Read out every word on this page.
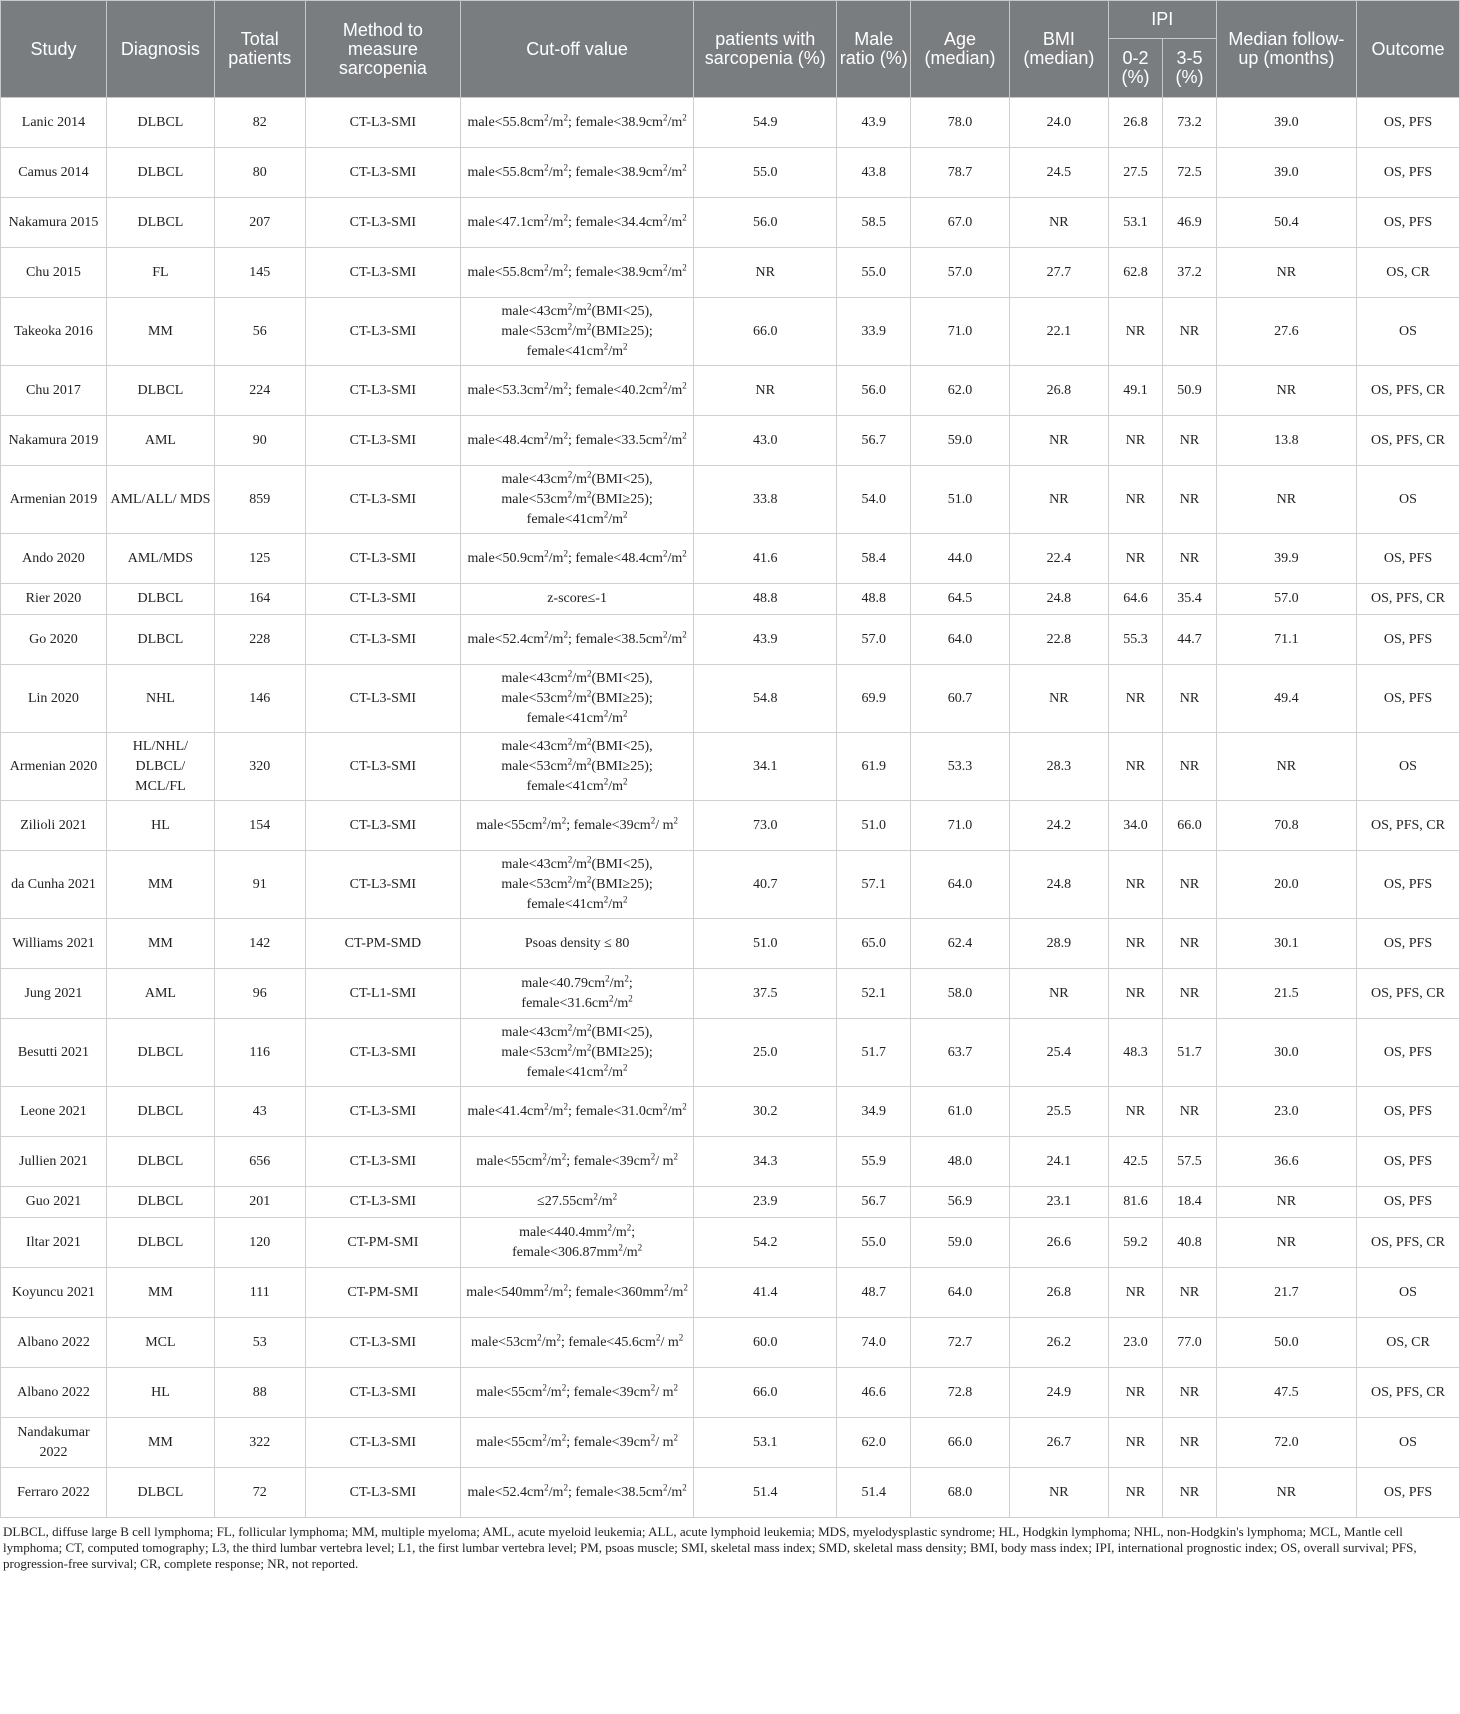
Study	Diagnosis	Total patients	Method to measure sarcopenia	Cut-off value	patients with sarcopenia (%)	Male ratio (%)	Age (median)	BMI (median)	IPI		Median follow-up (months)	Outcome
									0-2 (%)	3-5 (%)		
Lanic 2014	DLBCL	82	CT-L3-SMI	$male<55.8cm^2/m^2$; $female<38.9cm^2/m^2$	54.9	43.9	78.0	24.0	26.8	73.2	39.0	OS, PFS
Camus 2014	DLBCL	80	CT-L3-SMI	$male<55.8cm^2/m^2$; $female<38.9cm^2/m^2$	55.0	43.8	78.7	24.5	27.5	72.5	39.0	OS, PFS
Nakamura 2015	DLBCL	207	CT-L3-SMI	$male<47.1cm^2/m^2$; $female<34.4cm^2/m^2$	56.0	58.5	67.0	NR	53.1	46.9	50.4	OS, PFS
Chu 2015	FL	145	CT-L3-SMI	$male<55.8cm^2/m^2$; $female<38.9cm^2/m^2$	NR	55.0	57.0	27.7	62.8	37.2	NR	OS, CR
Takeoka 2016	MM	56	CT-L3-SMI	$male<43cm^2/m^2(BMI<25)$, $male<53cm^2/m^2(BMI\ge 25)$; $female<41cm^2/m^2$	66.0	33.9	71.0	22.1	NR	NR	27.6	OS
Chu 2017	DLBCL	224	CT-L3-SMI	$male<53.3cm^2/m^2$; $female<40.2cm^2/m^2$	NR	56.0	62.0	26.8	49.1	50.9	NR	OS, PFS, CR
Nakamura 2019	AML	90	CT-L3-SMI	$male<48.4cm^2/m^2$; $female<33.5cm^2/m^2$	43.0	56.7	59.0	NR	NR	NR	13.8	OS, PFS, CR
Armenian 2019	AML/ALL/ MDS	859	CT-L3-SMI	$male<43cm^2/m^2(BMI<25)$, $male<53cm^2/m^2(BMI\ge 25)$; $female<41cm^2/m^2$	33.8	54.0	51.0	NR	NR	NR	NR	OS
Ando 2020	AML/MDS	125	CT-L3-SMI	$male<50.9cm^2/m^2$; $female<48.4cm^2/m^2$	41.6	58.4	44.0	22.4	NR	NR	39.9	OS, PFS
Rier 2020	DLBCL	164	CT-L3-SMI	z-score≤-1	48.8	48.8	64.5	24.8	64.6	35.4	57.0	OS, PFS, CR
Go 2020	DLBCL	228	CT-L3-SMI	$male<52.4cm^2/m^2$; $female<38.5cm^2/m^2$	43.9	57.0	64.0	22.8	55.3	44.7	71.1	OS, PFS
Lin 2020	NHL	146	CT-L3-SMI	$male<43cm^2/m^2(BMI<25)$, $male<53cm^2/m^2(BMI\ge 25)$; $female<41cm^2/m^2$	54.8	69.9	60.7	NR	NR	NR	49.4	OS, PFS
Armenian 2020	HL/NHL/ DLBCL/ MCL/FL	320	CT-L3-SMI	$male<43cm^2/m^2(BMI<25)$, $male<53cm^2/m^2(BMI\ge 25)$; $female<41cm^2/m^2$	34.1	61.9	53.3	28.3	NR	NR	NR	OS
Zilioli 2021	HL	154	CT-L3-SMI	$male<55cm^2/m^2$; $female<39cm^2/$ $m^2$	73.0	51.0	71.0	24.2	34.0	66.0	70.8	OS, PFS, CR
da Cunha 2021	MM	91	CT-L3-SMI	$male<43cm^2/m^2(BMI<25)$, $male<53cm^2/m^2(BMI\ge 25)$; $female<41cm^2/m^2$	40.7	57.1	64.0	24.8	NR	NR	20.0	OS, PFS
Williams 2021	MM	142	CT-PM-SMD	Psoas density ≤ 80	51.0	65.0	62.4	28.9	NR	NR	30.1	OS, PFS
Jung 2021	AML	96	CT-L1-SMI	$male<40.79cm^2/m^2$; $female<31.6cm^2/m^2$	37.5	52.1	58.0	NR	NR	NR	21.5	OS, PFS, CR
Besutti 2021	DLBCL	116	CT-L3-SMI	$male<43cm^2/m^2(BMI<25)$, $male<53cm^2/m^2(BMI\ge 25)$; $female<41cm^2/m^2$	25.0	51.7	63.7	25.4	48.3	51.7	30.0	OS, PFS
Leone 2021	DLBCL	43	CT-L3-SMI	$male<41.4cm^2/m^2$; $female<31.0cm^2/m^2$	30.2	34.9	61.0	25.5	NR	NR	23.0	OS, PFS
Jullien 2021	DLBCL	656	CT-L3-SMI	$male<55cm^2/m^2$; $female<39cm^2/$ $m^2$	34.3	55.9	48.0	24.1	42.5	57.5	36.6	OS, PFS
Guo 2021	DLBCL	201	CT-L3-SMI	$\le 27.55cm^2/m^2$	23.9	56.7	56.9	23.1	81.6	18.4	NR	OS, PFS
Iltar 2021	DLBCL	120	CT-PM-SMI	$male<440.4mm^2/m^2$; $female<306.87mm^2/m^2$	54.2	55.0	59.0	26.6	59.2	40.8	NR	OS, PFS, CR
Koyuncu 2021	MM	111	CT-PM-SMI	$male<540mm^2/m^2$; $female<360mm^2/m^2$	41.4	48.7	64.0	26.8	NR	NR	21.7	OS
Albano 2022	MCL	53	CT-L3-SMI	$male<53cm^2/m^2$; $female<45.6cm^2/$ $m^2$	60.0	74.0	72.7	26.2	23.0	77.0	50.0	OS, CR
Albano 2022	HL	88	CT-L3-SMI	$male<55cm^2/m^2$; $female<39cm^2/$ $m^2$	66.0	46.6	72.8	24.9	NR	NR	47.5	OS, PFS, CR
Nandakumar 2022	MM	322	CT-L3-SMI	$male<55cm^2/m^2$; $female<39cm^2/$ $m^2$	53.1	62.0	66.0	26.7	NR	NR	72.0	OS
Ferraro 2022	DLBCL	72	CT-L3-SMI	$male<52.4cm^2/m^2$; $female<38.5cm^2/m^2$	51.4	51.4	68.0	NR	NR	NR	NR	OS, PFS
DLBCL, diffuse large B cell lymphoma; FL, follicular lymphoma; MM, multiple myeloma; AML, acute myeloid leukemia; ALL, acute lymphoid leukemia; MDS, myelodysplastic syndrome; HL, Hodgkin lymphoma; NHL, non-Hodgkin's lymphoma; MCL, Mantle cell lymphoma; CT, computed tomography; L3, the third lumbar vertebra level; L1, the first lumbar vertebra level; PM, psoas muscle; SMI, skeletal mass index; SMD, skeletal mass density; BMI, body mass index; IPI, international prognostic index; OS, overall survival; PFS, progression-free survival; CR, complete response; NR, not reported.
